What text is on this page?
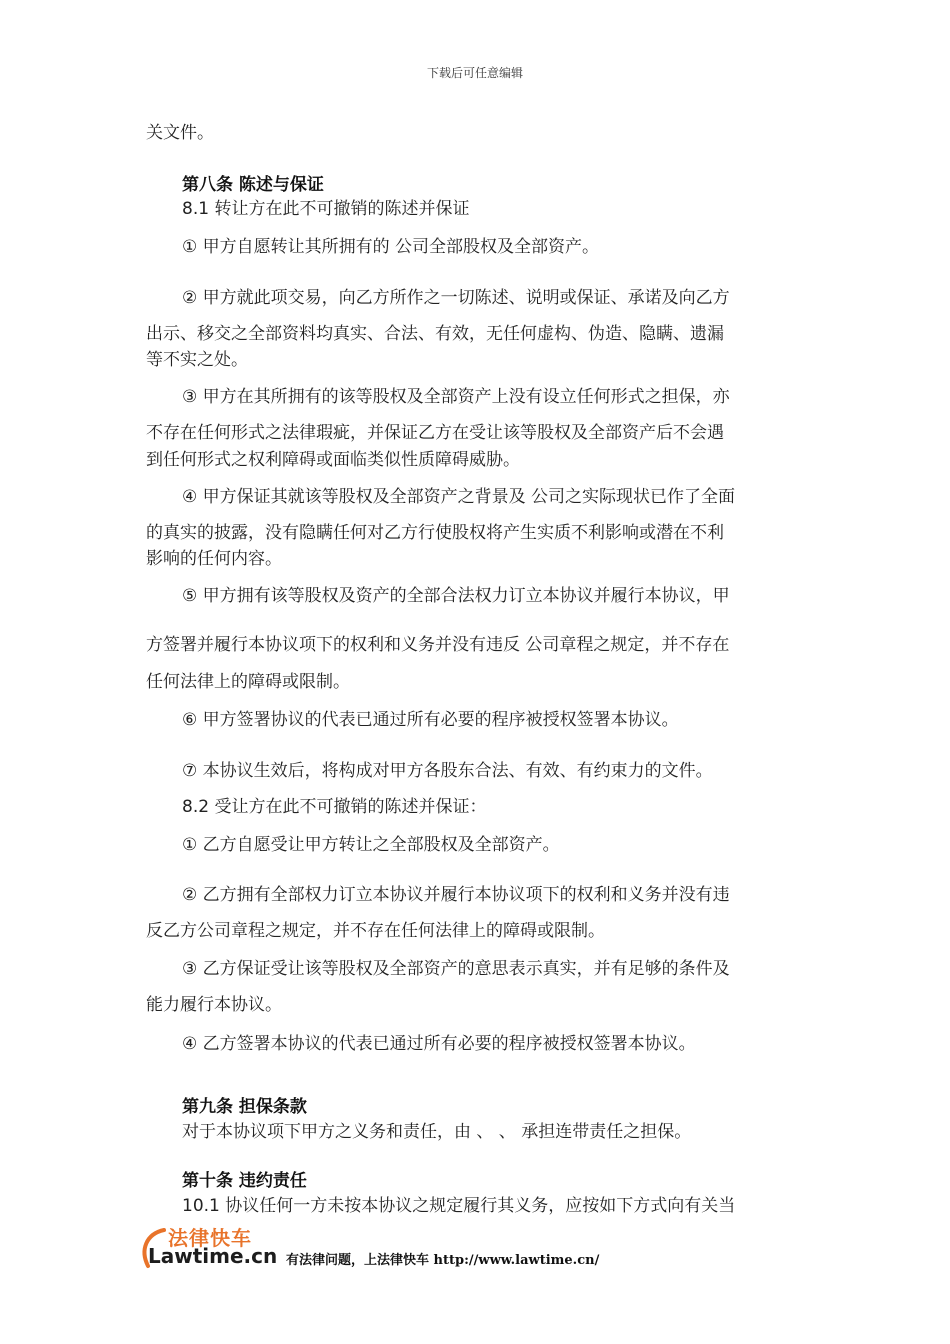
下载后可任意编辑
关文件。
第八条 陈述与保证
8.1 转让方在此不可撤销的陈述并保证
① 甲方自愿转让其所拥有的 公司全部股权及全部资产。
② 甲方就此项交易，向乙方所作之一切陈述、说明或保证、承诺及向乙方
出示、移交之全部资料均真实、合法、有效，无任何虚构、伪造、隐瞒、遗漏
等不实之处。
③ 甲方在其所拥有的该等股权及全部资产上没有设立任何形式之担保，亦
不存在任何形式之法律瑕疵，并保证乙方在受让该等股权及全部资产后不会遇
到任何形式之权利障碍或面临类似性质障碍威胁。
④ 甲方保证其就该等股权及全部资产之背景及 公司之实际现状已作了全面
的真实的披露，没有隐瞒任何对乙方行使股权将产生实质不利影响或潜在不利
影响的任何内容。
⑤ 甲方拥有该等股权及资产的全部合法权力订立本协议并履行本协议，甲
方签署并履行本协议项下的权利和义务并没有违反 公司章程之规定，并不存在
任何法律上的障碍或限制。
⑥ 甲方签署协议的代表已通过所有必要的程序被授权签署本协议。
⑦ 本协议生效后，将构成对甲方各股东合法、有效、有约束力的文件。
8.2 受让方在此不可撤销的陈述并保证：
① 乙方自愿受让甲方转让之全部股权及全部资产。
② 乙方拥有全部权力订立本协议并履行本协议项下的权利和义务并没有违
反乙方公司章程之规定，并不存在任何法律上的障碍或限制。
③ 乙方保证受让该等股权及全部资产的意思表示真实，并有足够的条件及
能力履行本协议。
④ 乙方签署本协议的代表已通过所有必要的程序被授权签署本协议。
第九条 担保条款
对于本协议项下甲方之义务和责任，由 、 、 承担连带责任之担保。
第十条 违约责任
10.1 协议任何一方未按本协议之规定履行其义务，应按如下方式向有关当
法律快车
Lawtime.cn 有法律问题，上法律快车 http://www.lawtime.cn/
